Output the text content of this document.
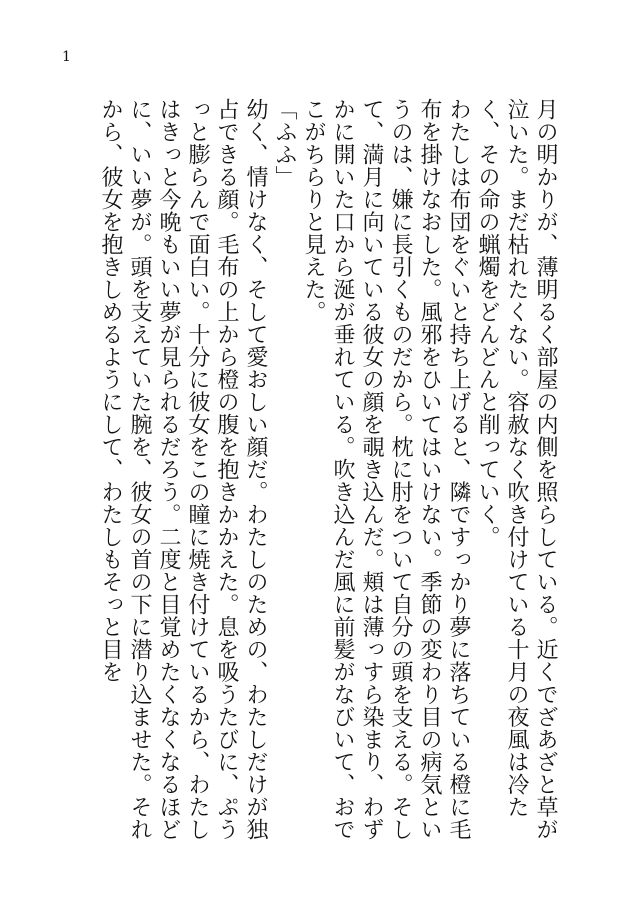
1

月の明かりが、薄明るく部屋の内側を照らしている。近くでざあざと草が泣いた。まだ枯れたくない。容赦なく吹き付けている十月の夜風は冷たく、その命の蝋燭をどんどんと削っていく。

わたしは布団をぐいと持ち上げると、隣ですっかり夢に落ちている橙に毛布を掛けなおした。風邪をひいてはいけない。季節の変わり目の病気というのは、嫌に長引くものだから。枕に肘をついて自分の頭を支える。そして、満月に向いている彼女の顔を覗き込んだ。頬は薄っすら染まり、わずかに開いた口から涎が垂れている。吹き込んだ風に前髪がなびいて、おでこがちらりと見えた。

「ふふ」

幼く、情けなく、そして愛おしい顔だ。わたしのための、わたしだけが独占できる顔。毛布の上から橙の腹を抱きかかえた。息を吸うたびに、ぷうっと膨らんで面白い。十分に彼女をこの瞳に焼き付けているから、わたしはきっと今晩もいい夢が見られるだろう。二度と目覚めたくなくなるほどに、いい夢が。頭を支えていた腕を、彼女の首の下に潜り込ませた。それから、彼女を抱きしめるようにして、わたしもそっと目を
